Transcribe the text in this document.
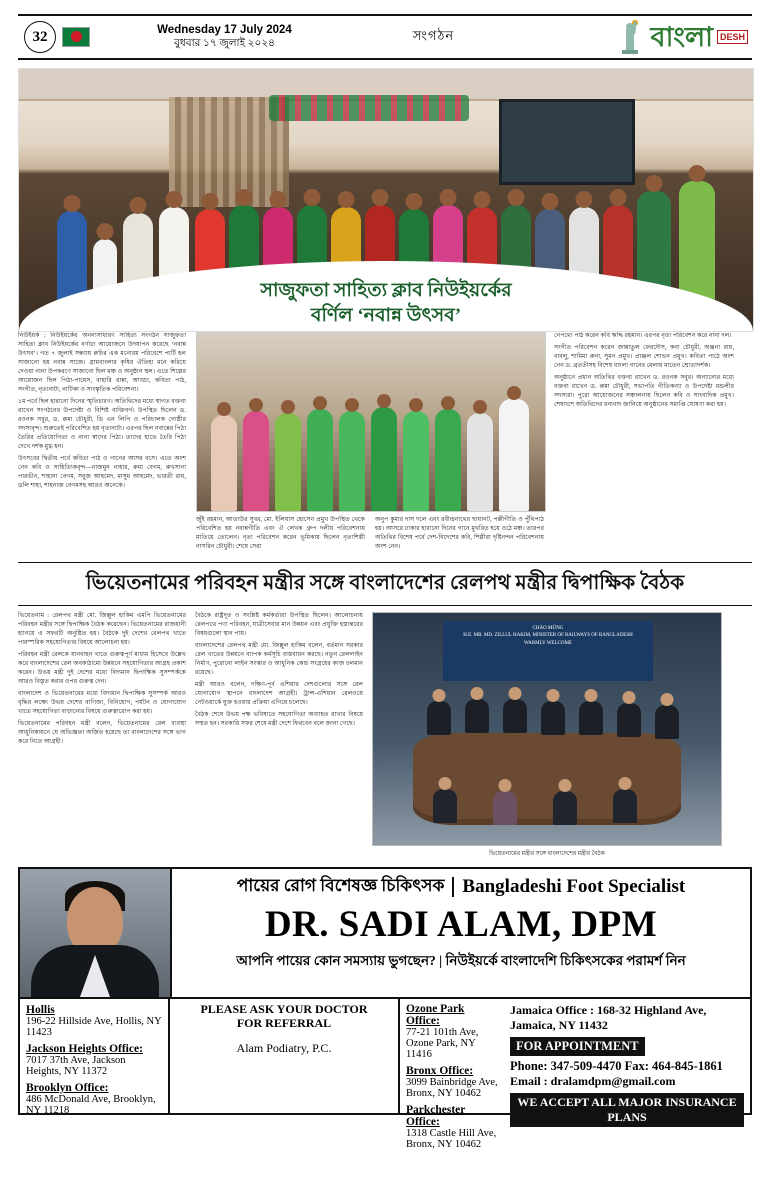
32	Wednesday 17 July 2024
বুধবার ১৭ জুলাই ২০২৪
সংগঠন	বাংলা DESH
সাজুফতা সাহিত্য ক্লাব নিউইয়র্কের
বর্ণিল ‘নবান্ন উৎসব’

নিউইয়র্ক : নিউইয়র্কের অনন্যসাধারণ সাহিত্য সংগঠন সাজুফতা সাহিত্য ক্লাব নিউইয়র্কের বর্ণাঢ্য আয়োজনে উদযাপন করেছে ‘নবান্ন উৎসব’। গত ৭ জুলাই সন্ধ্যায় রুচির এক মনোরম পরিবেশে পার্টি হল সাজানো হয় নবান্ন সাজে। গ্রামবাংলার কৃষির ঐতিহ্য মনে করিয়ে দেওয়া নানা উপকরণে সাজানো ছিল মঞ্চ ও অনুষ্ঠান স্থল। এতে শিল্পের আয়োজন ছিল পিঠা-পায়েস, বাহারি রান্না, আড্ডা, কবিতা পাঠ, সংগীত, নৃত্যনাট্য, নাটিকা ও সাংস্কৃতিক পরিবেশনা।

১ম পর্বে ছিল হারানো দিনের স্মৃতিচারণ। অতিথিদের মধ্যে স্বাগত বক্তব্য রাখেন সংগঠনের উপদেষ্টা ও বিশিষ্ট ব্যক্তিবর্গ। উপস্থিত ছিলেন ড. রওনক সবুর, ড. রুমা চৌধুরী, ডি এন লিপি ও পরিচালক গোষ্ঠীর সদস্যবৃন্দ। শুরুতেই পরিবেশিত হয় নৃত্যনাট্য। এরপর ছিল নবান্নের পিঠা তৈরির প্রতিযোগিতা ও নানা স্বাদের পিঠা। তাদের হাতে তৈরি পিঠা দেখে দর্শক মুগ্ধ হন।

উৎসবের দ্বিতীয় পর্বে কবিতা পাঠ ও গানের আসর বসে। এতে অংশ নেন কবি ও সাহিত্যিকবৃন্দ—নাজমুন নাহার, রুমা বেগম, রুখসানা পারভীন, শাহানা বেগম, সবুজ আহমেদ, মাসুম আহমেদ, ভারতী রায়, ডলি শাহা, শাহনাজ বেগমসহ আরও অনেকে।

জুঁই রহমান, আতাউর সুবর, মো. ইলিয়াস হোসেন প্রমুখ উপস্থিত থেকে পরিবেশিত হয় নবান্নগীতি এবং ঐ লেখক গ্রুপ দলীয় পরিবেশনায় মাতিয়ে তোলেন। নৃত্য পরিবেশন করেন ভূমিকায় ছিলেন নৃত্যশিল্পী নাসরিন চৌধুরী। শেষে সেরা

অনুপ কুমার দাস দলে এবং রবীন্দ্রনাথের ছায়ানট, পল্লীগীতি ও পুঁথিপাঠ হয়। আসরে ঢাকার হারানো দিনের গানে মুখরিত হয়ে ওঠে মঞ্চ। তারপর অতিথির বিশেষ পর্বে দেশ-বিদেশের কবি, শিল্পীরা দৃষ্টিনন্দন পরিবেশনায় অংশ নেন।

নেপথ্যে পাঠ করেন কবি ঋদ্ধি রহমান। এরপর নৃত্য পরিবেশন করে নানা দল।

সংগীত পরিবেশন করেন জান্নাতুল ফেরদৌস, কনা চৌধুরী, অঞ্জনা রায়, বাবলু, শামিমা রুনা, সুমন প্রমুখ। প্রাঞ্জল শোভন প্রমুখ। কবিতা পাঠে অংশ নেন ড. ব্রততীসহ বিশেষ বাংলা গানের মেলায় মাতেন শ্রোতাদর্শক।

অনুষ্ঠানে প্রধান অতিথির বক্তব্য রাখেন ড. রওনক সবুর। অন্যান্যের মধ্যে বক্তব্য রাখেন ড. রুমা চৌধুরী, সভাপতি গীতিকন্যা ও উপদেষ্টা মন্ডলীর সদস্যরা। পুরো আয়োজনের সঞ্চালনায় ছিলেন কবি ও সাংবাদিক প্রমুখ। শেষাংশে অতিথিদের ধন্যবাদ জানিয়ে অনুষ্ঠানের সমাপ্তি ঘোষণা করা হয়।

ভিয়েতনামের পরিবহন মন্ত্রীর সঙ্গে বাংলাদেশের রেলপথ মন্ত্রীর দ্বিপাক্ষিক বৈঠক

ভিয়েতনাম : রেলপথ মন্ত্রী মো. জিল্লুল হাকিম এমপি ভিয়েতনামের পরিবহন মন্ত্রীর সঙ্গে দ্বিপাক্ষিক বৈঠক করেছেন। ভিয়েতনামের রাজধানী হ্যানয়ে এ সফরটি অনুষ্ঠিত হয়। বৈঠকে দুই দেশের রেলপথ খাতে পারস্পরিক সহযোগিতার বিষয়ে আলোচনা হয়।

পরিবহন মন্ত্রী রেলকে যানবাহন খাতে গুরুত্বপূর্ণ মাধ্যম হিসেবে উল্লেখ করে বাংলাদেশের রেল অবকাঠামো উন্নয়নে সহযোগিতার আগ্রহ প্রকাশ করেন। উভয় মন্ত্রী দুই দেশের মধ্যে বিদ্যমান দ্বিপাক্ষিক সুসম্পর্ককে আরও বিস্তৃত করার ওপর গুরুত্ব দেন।

বাংলাদেশ ও ভিয়েতনামের মধ্যে বিদ্যমান দ্বিপাক্ষিক সুসম্পর্ক আরও বৃদ্ধির লক্ষ্যে উভয় দেশের বাণিজ্য, বিনিয়োগ, পর্যটন ও যোগাযোগ খাতে সহযোগিতা বাড়ানোর বিষয়ে গুরুত্বারোপ করা হয়।

ভিয়েতনামের পরিবহন মন্ত্রী বলেন, ভিয়েতনামের রেল ব্যবস্থা আধুনিকায়নে যে অভিজ্ঞতা অর্জিত হয়েছে তা বাংলাদেশের সঙ্গে ভাগ করে নিতে আগ্রহী।

বৈঠকে রাষ্ট্রদূত ও সংশ্লিষ্ট কর্মকর্তারা উপস্থিত ছিলেন। আলোচনায় রেলপথে পণ্য পরিবহন, যাত্রীসেবার মান উন্নয়ন এবং প্রযুক্তি হস্তান্তরের বিষয়গুলো স্থান পায়।

বাংলাদেশের রেলপথ মন্ত্রী মো. জিল্লুল হাকিম বলেন, বর্তমান সরকার রেল খাতের উন্নয়নে ব্যাপক কর্মসূচি বাস্তবায়ন করছে। নতুন রেললাইন নির্মাণ, পুরোনো লাইন সংস্কার ও আধুনিক কোচ সংগ্রহের কাজ চলমান রয়েছে।

মন্ত্রী আরও বলেন, দক্ষিণ-পূর্ব এশিয়ার দেশগুলোর সঙ্গে রেল যোগাযোগ স্থাপনে বাংলাদেশ আগ্রহী। ট্রান্স-এশিয়ান রেলওয়ে নেটওয়ার্কে যুক্ত হওয়ার প্রক্রিয়া এগিয়ে চলেছে।

বৈঠক শেষে উভয় পক্ষ ভবিষ্যতে সহযোগিতা অব্যাহত রাখার বিষয়ে সম্মত হন। সরকারি সফর শেষে মন্ত্রী দেশে ফিরবেন বলে জানা গেছে।

CHÀO MỪNG
H.E. MR. MD. ZILLUL HAKIM, MINISTER OF RAILWAYS OF BANGLADESH
WARMLY WELCOME
ভিয়েতনামের মন্ত্রীর সঙ্গে বাংলাদেশের মন্ত্রীর বৈঠক
পায়ের রোগ বিশেষজ্ঞ চিকিৎসক Bangladeshi Foot Specialist
DR. SADI ALAM, DPM
আপনি পায়ের কোন সমস্যায় ভুগছেন? | নিউইয়র্কে বাংলাদেশি চিকিৎসকের পরামর্শ নিন
Hollis
196-22 Hillside Ave, Hollis, NY 11423
Jackson Heights Office:
7017 37th Ave, Jackson Heights, NY 11372
Brooklyn Office:
486 McDonald Ave, Brooklyn, NY 11218
PLEASE ASK YOUR DOCTOR
FOR REFERRAL
Alam Podiatry, P.C.
Ozone Park Office:
77-21 101th Ave, Ozone Park, NY 11416
Bronx Office:
3099 Bainbridge Ave, Bronx, NY 10462
Parkchester Office:
1318 Castle Hill Ave, Bronx, NY 10462
Jamaica Office : 168-32 Highland Ave,
Jamaica, NY 11432
FOR APPOINTMENT
Phone: 347-509-4470 Fax: 464-845-1861
Email : dralamdpm@gmail.com
WE ACCEPT ALL MAJOR INSURANCE PLANS
